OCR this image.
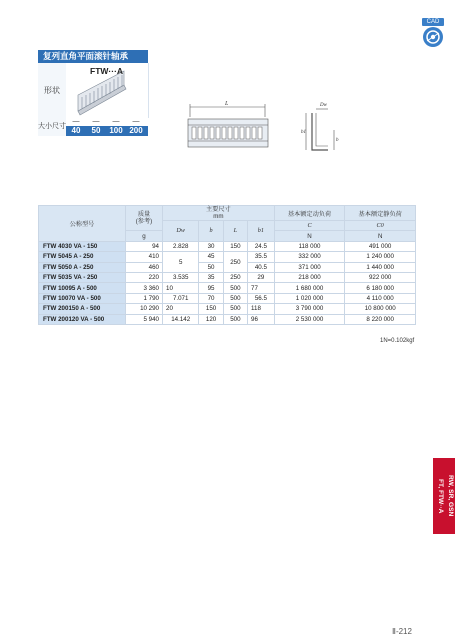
CAD
复列直角平面滚针轴承
形状
大小尺寸
FTW···A
—	—	—	—
40	50	100 200
L	Dw
b1
b
公称型号	质量
(参考)	主要尺寸
mm				基本额定动负荷	基本额定静负荷
		Dw	b	L	b1	C	C0
	g					N	N
FTW 4030 VA - 150	94	2.828	30	150	24.5	118 000	491 000
FTW 5045 A - 250	410	5	45	250	35.5	332 000	1 240 000
FTW 5050 A - 250	460		50		40.5	371 000	1 440 000
FTW 5035 VA - 250	220	3.535	35	250	29	218 000	922 000
FTW 10095 A - 500	3 360	10	95	500	77	1 680 000	6 180 000
FTW 10070 VA - 500	1 790	7.071	70	500	56.5	1 020 000	4 110 000
FTW 200150 A - 500	10 290	20	150	500	118	3 790 000	10 800 000
FTW 200120 VA - 500	5 940	14.142	120	500	96	2 530 000	8 220 000
1N=0.102kgf
RW, SR, GSN
FT, FTW··A
Ⅱ-212
